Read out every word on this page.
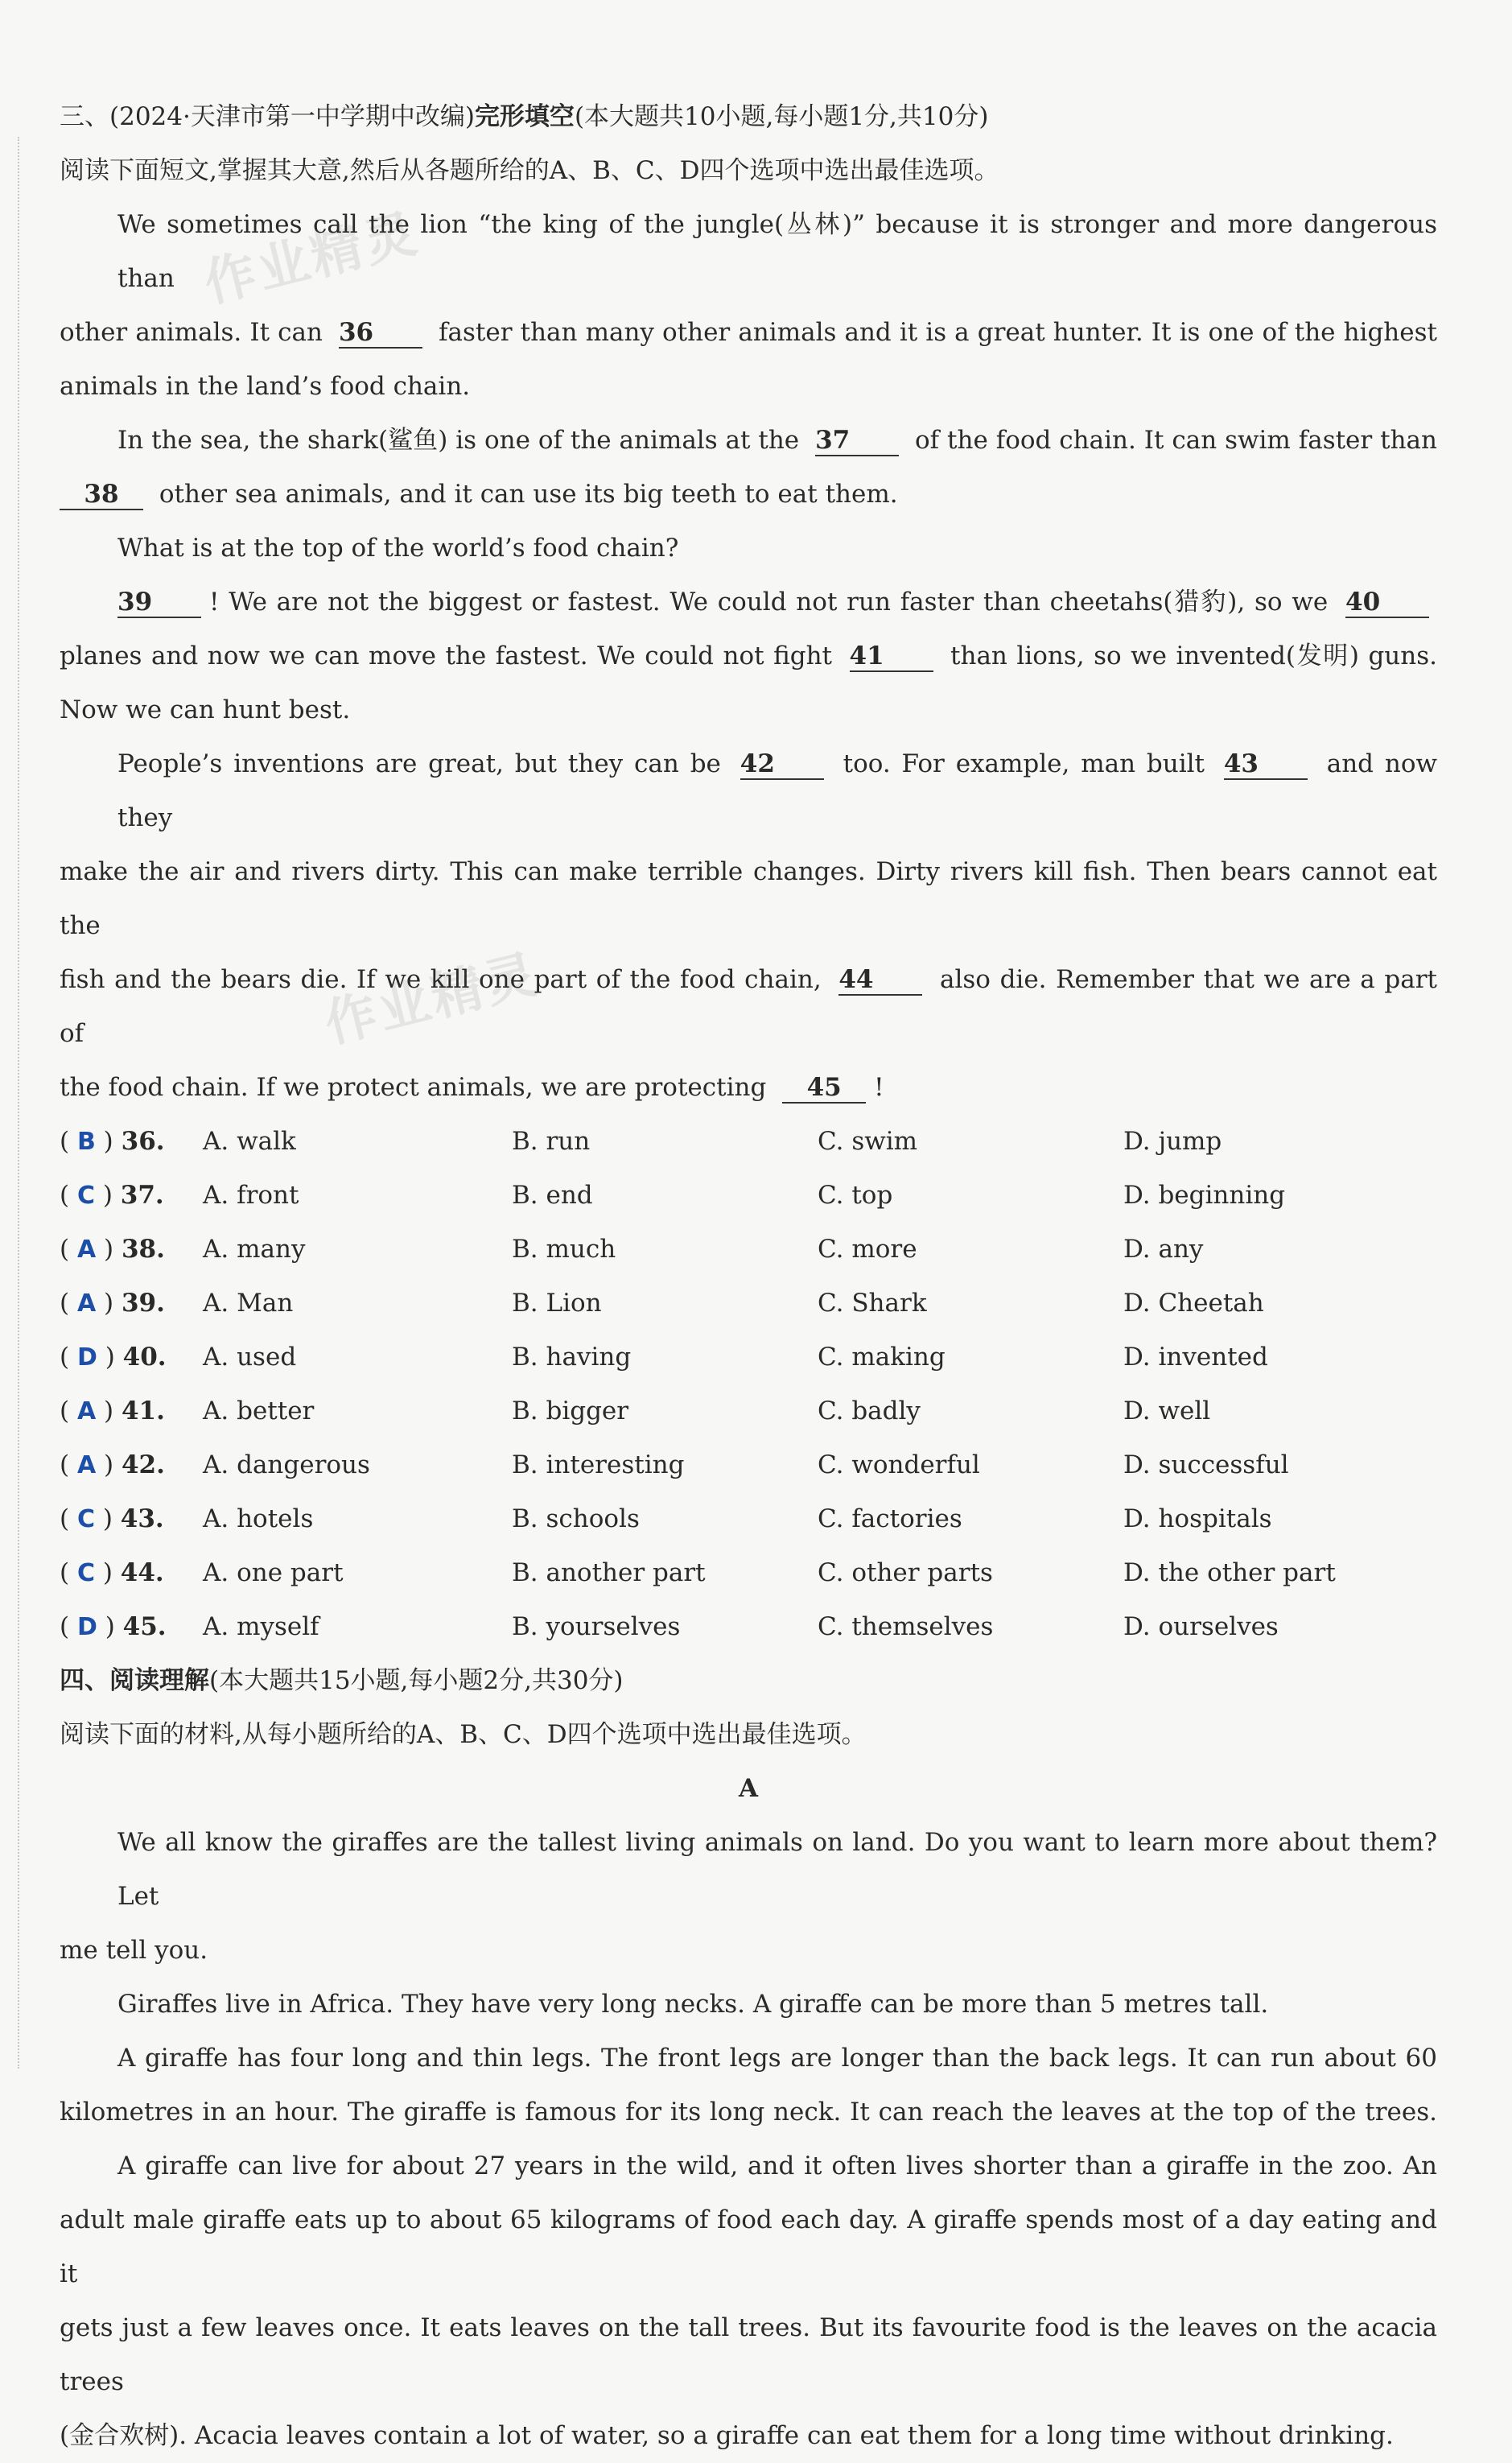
作业精灵
作业精灵
三、(2024·天津市第一中学期中改编)完形填空(本大题共10小题,每小题1分,共10分)
阅读下面短文,掌握其大意,然后从各题所给的A、B、C、D四个选项中选出最佳选项。
We sometimes call the lion “the king of the jungle(丛林)” because it is stronger and more dangerous than
other animals. It can 36	faster than many other animals and it is a great hunter. It is one of the highest
animals in the land’s food chain.
In the sea, the shark(鲨鱼) is one of the animals at the 37	of the food chain. It can swim faster than
38 other sea animals, and it can use its big teeth to eat them.
What is at the top of the world’s food chain?
39 ! We are not the biggest or fastest. We could not run faster than cheetahs(猎豹), so we 40
planes and now we can move the fastest. We could not fight 41	than lions, so we invented(发明) guns.
Now we can hunt best.
People’s inventions are great, but they can be 42	too. For example, man built 43	and now they
make the air and rivers dirty. This can make terrible changes. Dirty rivers kill fish. Then bears cannot eat the
fish and the bears die. If we kill one part of the food chain, 44	also die. Remember that we are a part of
the food chain. If we protect animals, we are protecting 45 !
( B ) 36. A. walk	B. run	C. swim	D. jump
( C ) 37. A. front	B. end	C. top	D. beginning
( A ) 38. A. many	B. much	C. more	D. any
( A ) 39. A. Man	B. Lion	C. Shark	D. Cheetah
( D ) 40. A. used	B. having	C. making	D. invented
( A ) 41. A. better	B. bigger	C. badly	D. well
( A ) 42. A. dangerous	B. interesting	C. wonderful	D. successful
( C ) 43. A. hotels	B. schools	C. factories	D. hospitals
( C ) 44. A. one part	B. another part	C. other parts	D. the other part
( D ) 45. A. myself	B. yourselves	C. themselves	D. ourselves
四、阅读理解(本大题共15小题,每小题2分,共30分)
阅读下面的材料,从每小题所给的A、B、C、D四个选项中选出最佳选项。
A
We all know the giraffes are the tallest living animals on land. Do you want to learn more about them? Let
me tell you.
Giraffes live in Africa. They have very long necks. A giraffe can be more than 5 metres tall.
A giraffe has four long and thin legs. The front legs are longer than the back legs. It can run about 60
kilometres in an hour. The giraffe is famous for its long neck. It can reach the leaves at the top of the trees.
A giraffe can live for about 27 years in the wild, and it often lives shorter than a giraffe in the zoo. An
adult male giraffe eats up to about 65 kilograms of food each day. A giraffe spends most of a day eating and it
gets just a few leaves once. It eats leaves on the tall trees. But its favourite food is the leaves on the acacia trees
(金合欢树). Acacia leaves contain a lot of water, so a giraffe can eat them for a long time without drinking.
